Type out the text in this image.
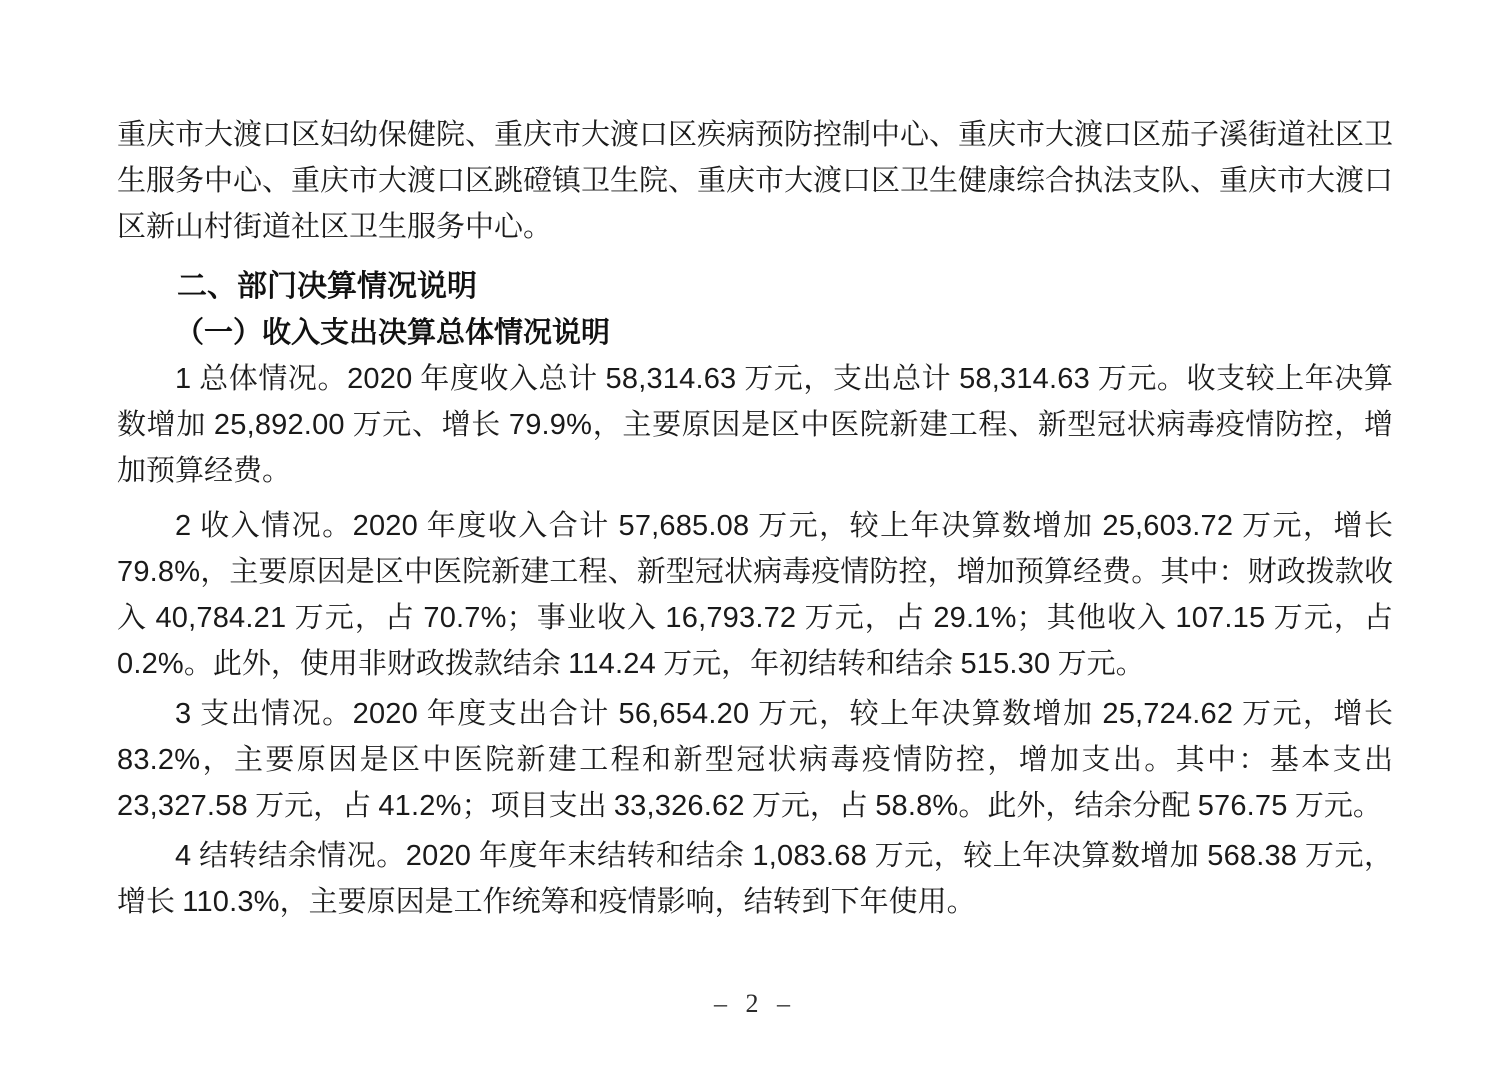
重庆市大渡口区妇幼保健院、重庆市大渡口区疾病预防控制中心、重庆市大渡口区茄子溪街道社区卫生服务中心、重庆市大渡口区跳磴镇卫生院、重庆市大渡口区卫生健康综合执法支队、重庆市大渡口区新山村街道社区卫生服务中心。

二、部门决算情况说明
（一）收入支出决算总体情况说明

1 总体情况。2020 年度收入总计 58,314.63 万元，支出总计 58,314.63 万元。收支较上年决算数增加 25,892.00 万元、增长 79.9%，主要原因是区中医院新建工程、新型冠状病毒疫情防控，增加预算经费。

2 收入情况。2020 年度收入合计 57,685.08 万元，较上年决算数增加 25,603.72 万元，增长 79.8%，主要原因是区中医院新建工程、新型冠状病毒疫情防控，增加预算经费。其中：财政拨款收入 40,784.21 万元，占 70.7%；事业收入 16,793.72 万元，占 29.1%；其他收入 107.15 万元，占 0.2%。此外，使用非财政拨款结余 114.24 万元，年初结转和结余 515.30 万元。

3 支出情况。2020 年度支出合计 56,654.20 万元，较上年决算数增加 25,724.62 万元，增长 83.2%，主要原因是区中医院新建工程和新型冠状病毒疫情防控，增加支出。其中：基本支出 23,327.58 万元，占 41.2%；项目支出 33,326.62 万元，占 58.8%。此外，结余分配 576.75 万元。

4 结转结余情况。2020 年度年末结转和结余 1,083.68 万元，较上年决算数增加 568.38 万元，增长 110.3%，主要原因是工作统筹和疫情影响，结转到下年使用。

– 2 –
